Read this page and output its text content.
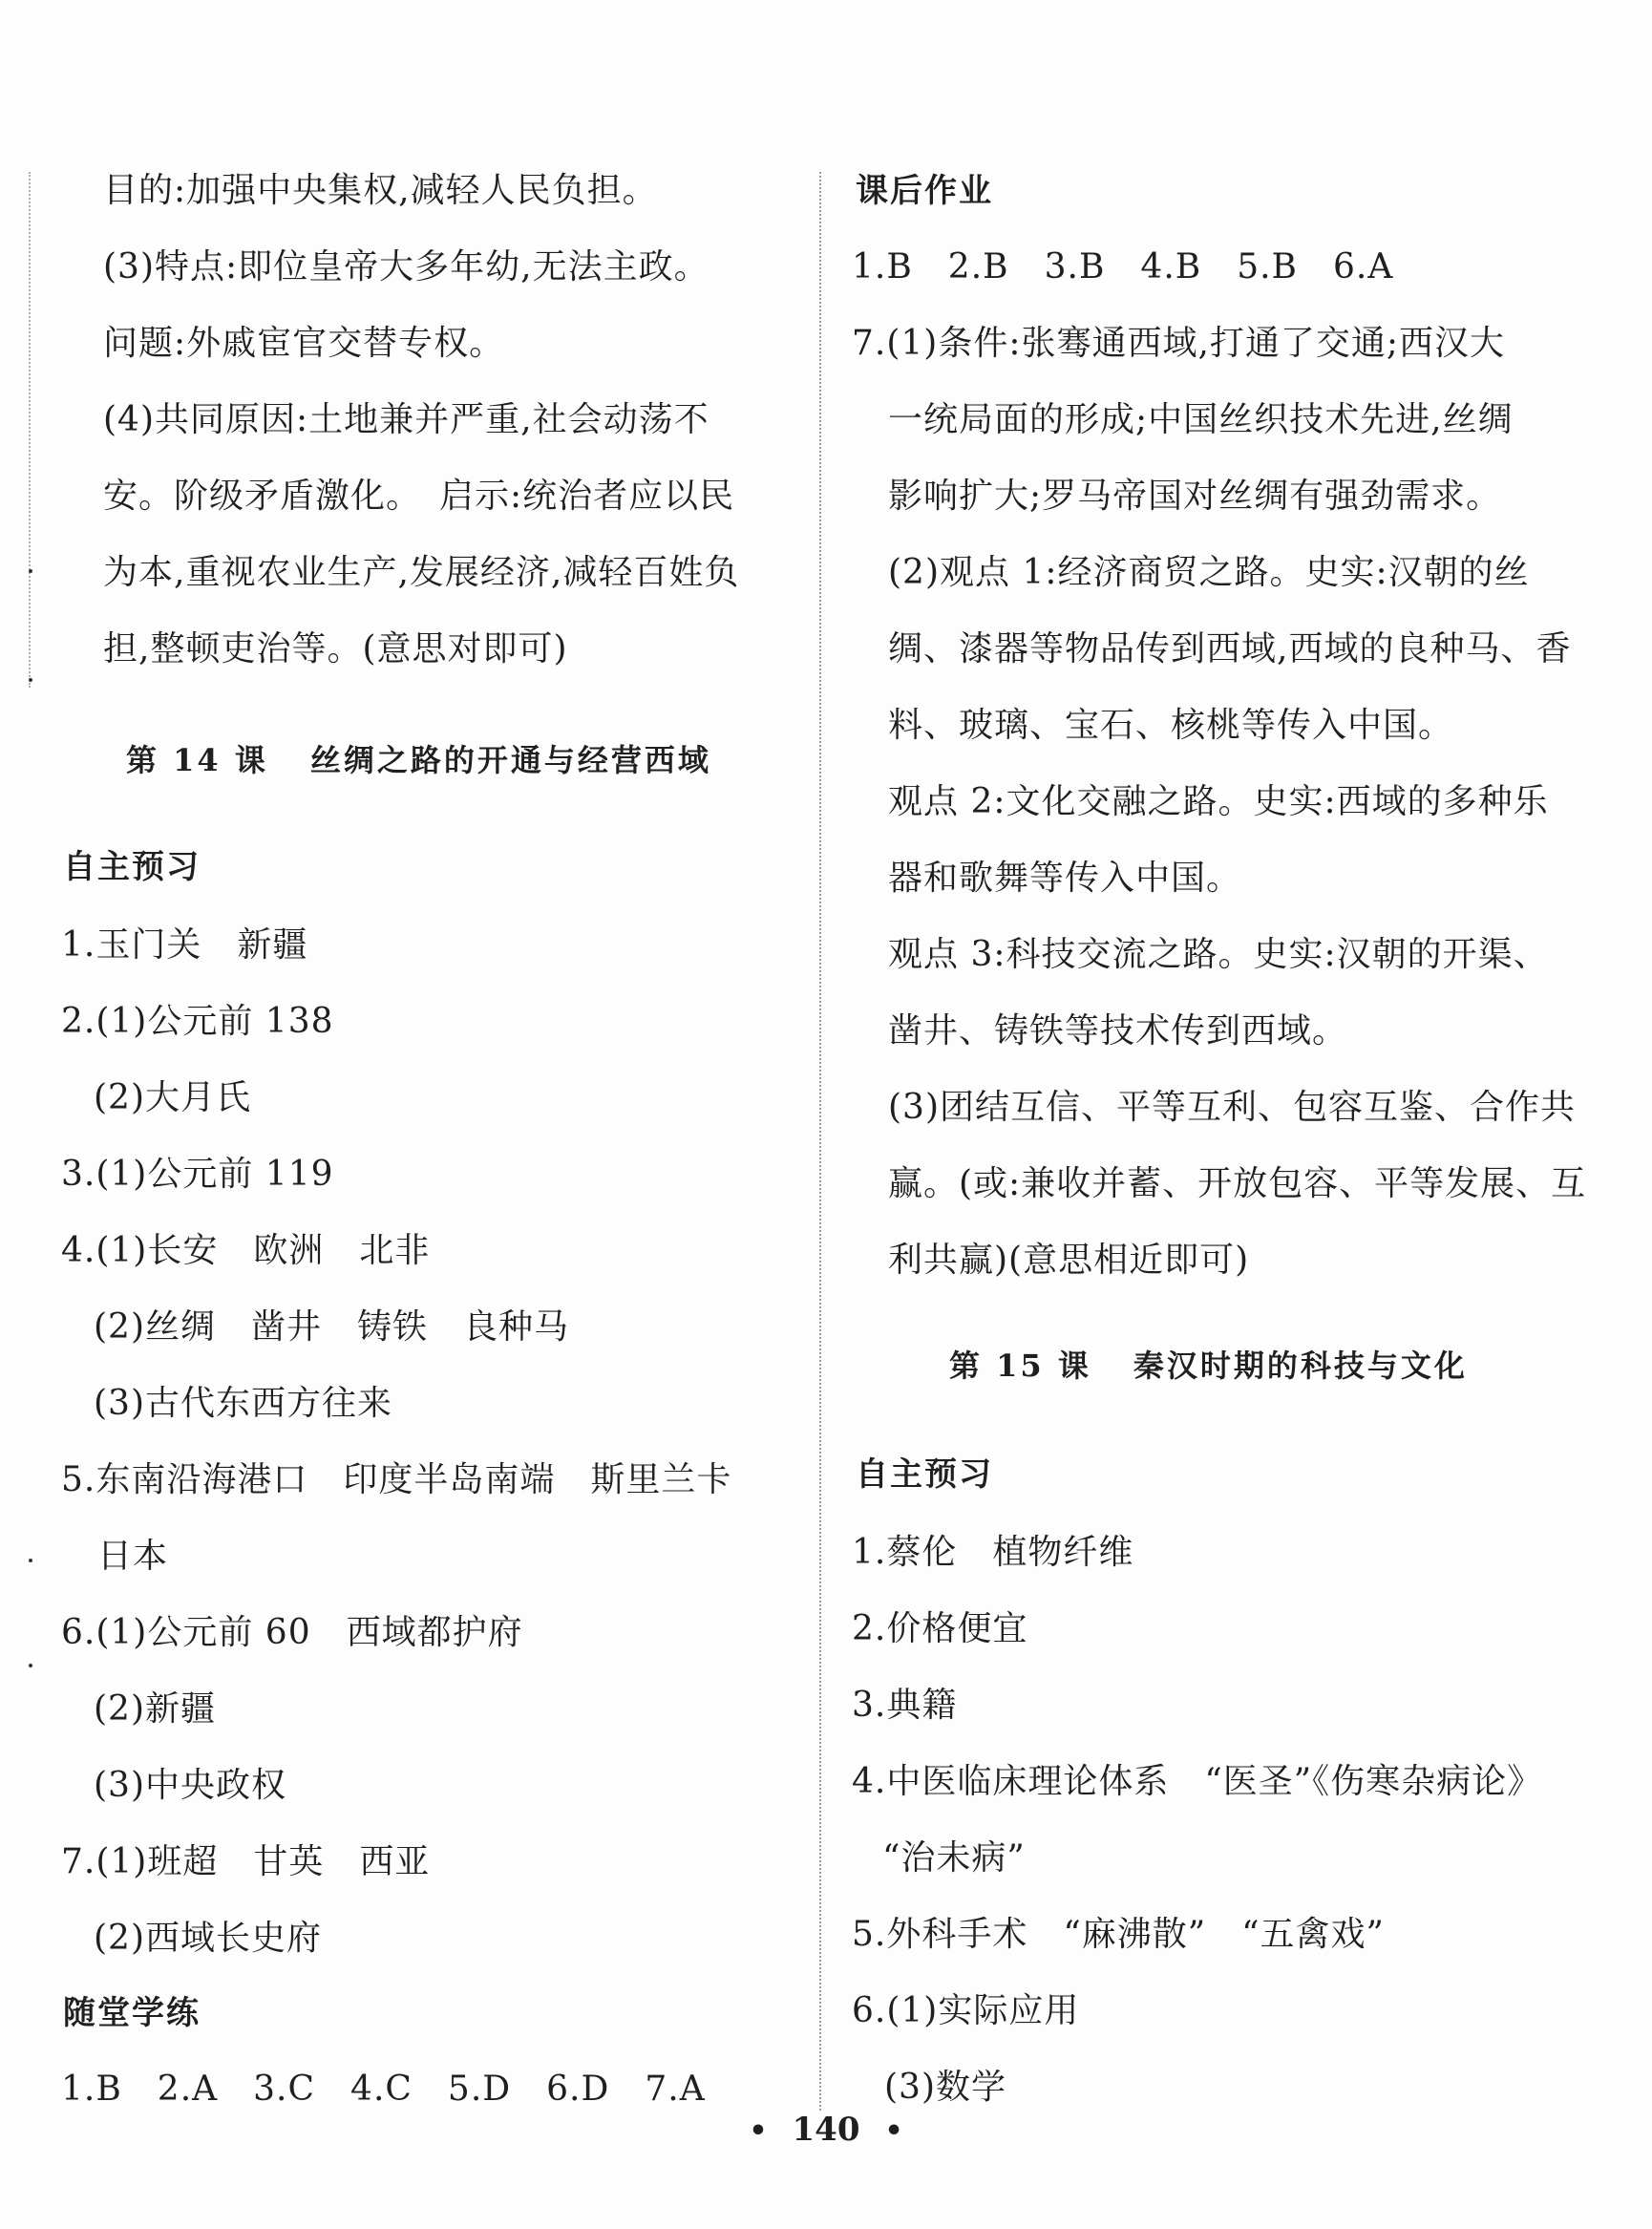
目的:加强中央集权,减轻人民负担。
(3)特点:即位皇帝大多年幼,无法主政。
问题:外戚宦官交替专权。
(4)共同原因:土地兼并严重,社会动荡不
安。阶级矛盾激化。　启示:统治者应以民
为本,重视农业生产,发展经济,减轻百姓负
担,整顿吏治等。(意思对即可)
第 14 课 丝绸之路的开通与经营西域
自主预习
1.玉门关　新疆
2.(1)公元前 138
(2)大月氏
3.(1)公元前 119
4.(1)长安　欧洲　北非
(2)丝绸　凿井　铸铁　良种马
(3)古代东西方往来
5.东南沿海港口　印度半岛南端　斯里兰卡
日本
6.(1)公元前 60　西域都护府
(2)新疆
(3)中央政权
7.(1)班超　甘英　西亚
(2)西域长史府
随堂学练
1.B　2.A　3.C　4.C　5.D　6.D　7.A
课后作业
1.B　2.B　3.B　4.B　5.B　6.A
7.(1)条件:张骞通西域,打通了交通;西汉大
一统局面的形成;中国丝织技术先进,丝绸
影响扩大;罗马帝国对丝绸有强劲需求。
(2)观点 1:经济商贸之路。史实:汉朝的丝
绸、漆器等物品传到西域,西域的良种马、香
料、玻璃、宝石、核桃等传入中国。
观点 2:文化交融之路。史实:西域的多种乐
器和歌舞等传入中国。
观点 3:科技交流之路。史实:汉朝的开渠、
凿井、铸铁等技术传到西域。
(3)团结互信、平等互利、包容互鉴、合作共
赢。(或:兼收并蓄、开放包容、平等发展、互
利共赢)(意思相近即可)
第 15 课 秦汉时期的科技与文化
自主预习
1.蔡伦　植物纤维
2.价格便宜
3.典籍
4.中医临床理论体系　“医圣”《伤寒杂病论》
“治未病”
5.外科手术　“麻沸散”　“五禽戏”
6.(1)实际应用
(3)数学
• 140 •
